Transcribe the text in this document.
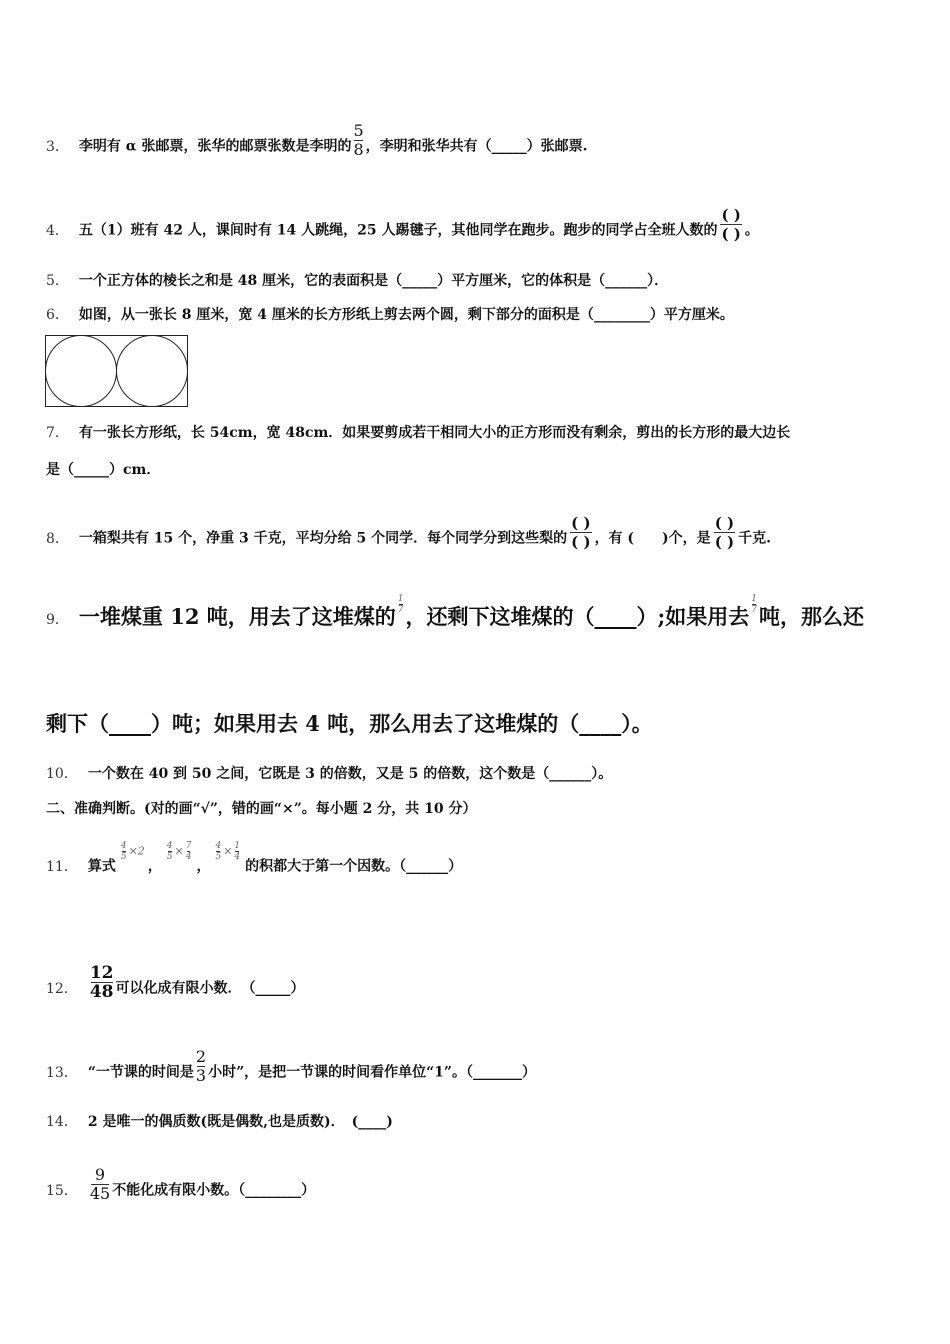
3． 李明有 α 张邮票，张华的邮票张数是李明的 $\frac{5}{8}$ ，李明和张华共有（_____）张邮票.
4． 五（1）班有 42 人，课间时有 14 人跳绳，25 人踢毽子，其他同学在跑步。跑步的同学占全班人数的 $\frac{( )}{( )}$ 。
5． 一个正方体的棱长之和是 48 厘米，它的表面积是（_____）平方厘米，它的体积是（______）．
6． 如图，从一张长 8 厘米，宽 4 厘米的长方形纸上剪去两个圆，剩下部分的面积是（________）平方厘米。
7． 有一张长方形纸，长 54cm，宽 48cm．如果要剪成若干相同大小的正方形而没有剩余，剪出的长方形的最大边长
是（_____）cm．
8． 一箱梨共有 15 个，净重 3 千克，平均分给 5 个同学．每个同学分到这些梨的 $\frac{( )}{( )}$ ，有 (　　)个，是 $\frac{( )}{( )}$ 千克.
9． 一堆煤重 12 吨，用去了这堆煤的 $\frac{1}{7}$ ，还剩下这堆煤的（____）;如果用去 $\frac{1}{7}$ 吨，那么还
剩下（____）吨；如果用去 4 吨，那么用去了这堆煤的（____）。
10． 一个数在 40 到 50 之间，它既是 3 的倍数，又是 5 的倍数，这个数是（______）。
二、准确判断。(对的画“√”，错的画“×”。每小题 2 分，共 10 分）
11． 算式
$\frac{4}{5} \times 2$，
$\frac{4}{5} \times \frac{7}{4}$
，
$\frac{4}{5} \times \frac{1}{4}$
的积都大于第一个因数。（______）
12． $\frac{12}{48}$ 可以化成有限小数．　（_____）
13． “一节课的时间是 $\frac{2}{3}$ 小时”，是把一节课的时间看作单位“1”。（_______）
14． 2 是唯一的偶质数(既是偶数,也是质数)．　(____)
15． $\frac{9}{45}$ 不能化成有限小数。（________）
